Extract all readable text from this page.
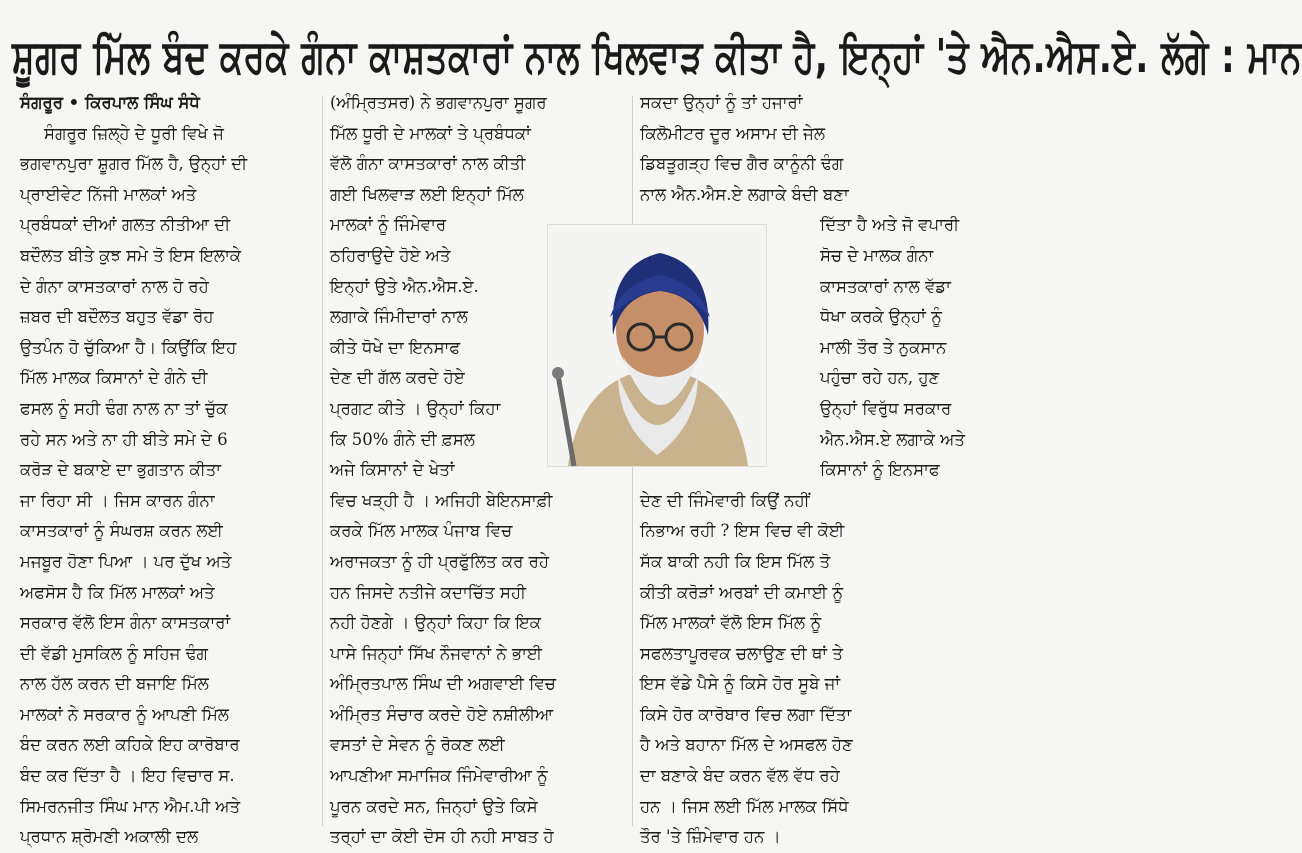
ਸ਼ੂਗਰ ਮਿੱਲ ਬੰਦ ਕਰਕੇ ਗੰਨਾ ਕਾਸ਼ਤਕਾਰਾਂ ਨਾਲ ਖਿਲਵਾੜ ਕੀਤਾ ਹੈ, ਇਨ੍ਹਾਂ 'ਤੇ ਐਨ.ਐਸ.ਏ. ਲੱਗੇ : ਮਾਨ
ਸੰਗਰੂਰ • ਕਿਰਪਾਲ ਸਿੰਘ ਸੰਧੇ
ਸੰਗਰੂਰ ਜ਼ਿਲ੍ਹੇ ਦੇ ਧੂਰੀ ਵਿਖੇ ਜੋ
ਭਗਵਾਨਪੁਰਾ ਸ਼ੂਗਰ ਮਿੱਲ ਹੈ, ਉਨ੍ਹਾਂ ਦੀ
ਪ੍ਰਾਈਵੇਟ ਨਿੱਜੀ ਮਾਲਕਾਂ ਅਤੇ
ਪ੍ਰਬੰਧਕਾਂ ਦੀਆਂ ਗਲਤ ਨੀਤੀਆ ਦੀ
ਬਦੌਲਤ ਬੀਤੇ ਕੁਝ ਸਮੇ ਤੋ ਇਸ ਇਲਾਕੇ
ਦੇ ਗੰਨਾ ਕਾਸਤਕਾਰਾਂ ਨਾਲ ਹੋ ਰਹੇ
ਜ਼ਬਰ ਦੀ ਬਦੌਲਤ ਬਹੁਤ ਵੱਡਾ ਰੋਹ
ਉਤਪੰਨ ਹੋ ਚੁੱਕਿਆ ਹੈ। ਕਿਉਂਕਿ ਇਹ
ਮਿੱਲ ਮਾਲਕ ਕਿਸਾਨਾਂ ਦੇ ਗੰਨੇ ਦੀ
ਫਸਲ ਨੂੰ ਸਹੀ ਢੰਗ ਨਾਲ ਨਾ ਤਾਂ ਚੁੱਕ
ਰਹੇ ਸਨ ਅਤੇ ਨਾ ਹੀ ਬੀਤੇ ਸਮੇ ਦੇ 6
ਕਰੋੜ ਦੇ ਬਕਾਏ ਦਾ ਭੁਗਤਾਨ ਕੀਤਾ
ਜਾ ਰਿਹਾ ਸੀ । ਜਿਸ ਕਾਰਨ ਗੰਨਾ
ਕਾਸਤਕਾਰਾਂ ਨੂੰ ਸੰਘਰਸ਼ ਕਰਨ ਲਈ
ਮਜਬੂਰ ਹੋਣਾ ਪਿਆ । ਪਰ ਦੁੱਖ ਅਤੇ
ਅਫਸੋਸ ਹੈ ਕਿ ਮਿੱਲ ਮਾਲਕਾਂ ਅਤੇ
ਸਰਕਾਰ ਵੱਲੋ ਇਸ ਗੰਨਾ ਕਾਸਤਕਾਰਾਂ
ਦੀ ਵੱਡੀ ਮੁਸਕਿਲ ਨੂੰ ਸਹਿਜ ਢੰਗ
ਨਾਲ ਹੱਲ ਕਰਨ ਦੀ ਬਜਾਇ ਮਿੱਲ
ਮਾਲਕਾਂ ਨੇ ਸਰਕਾਰ ਨੂੰ ਆਪਣੀ ਮਿੱਲ
ਬੰਦ ਕਰਨ ਲਈ ਕਹਿਕੇ ਇਹ ਕਾਰੋਬਾਰ
ਬੰਦ ਕਰ ਦਿੱਤਾ ਹੈ । ਇਹ ਵਿਚਾਰ ਸ.
ਸਿਮਰਨਜੀਤ ਸਿੰਘ ਮਾਨ ਐਮ.ਪੀ ਅਤੇ
ਪ੍ਰਧਾਨ ਸ਼੍ਰੋਮਣੀ ਅਕਾਲੀ ਦਲ
(ਅੰਮ੍ਰਿਤਸਰ) ਨੇ ਭਗਵਾਨਪੁਰਾ ਸੂਗਰ
ਮਿੱਲ ਧੂਰੀ ਦੇ ਮਾਲਕਾਂ ਤੇ ਪ੍ਰਬੰਧਕਾਂ
ਵੱਲੋ ਗੰਨਾ ਕਾਸਤਕਾਰਾਂ ਨਾਲ ਕੀਤੀ
ਗਈ ਖਿਲਵਾੜ ਲਈ ਇਨ੍ਹਾਂ ਮਿੱਲ
ਮਾਲਕਾਂ ਨੂੰ ਜਿੰਮੇਵਾਰ
ਠਹਿਰਾਉਦੇ ਹੋਏ ਅਤੇ
ਇਨ੍ਹਾਂ ਉਤੇ ਐਨ.ਐਸ.ਏ.
ਲਗਾਕੇ ਜਿੰਮੀਦਾਰਾਂ ਨਾਲ
ਕੀਤੇ ਧੋਖੇ ਦਾ ਇਨਸਾਫ
ਦੇਣ ਦੀ ਗੱਲ ਕਰਦੇ ਹੋਏ
ਪ੍ਰਗਟ ਕੀਤੇ । ਉਨ੍ਹਾਂ ਕਿਹਾ
ਕਿ 50% ਗੰਨੇ ਦੀ ਫ਼ਸਲ
ਅਜੇ ਕਿਸਾਨਾਂ ਦੇ ਖੇਤਾਂ
ਵਿਚ ਖੜ੍ਹੀ ਹੈ । ਅਜਿਹੀ ਬੇਇਨਸਾਫ਼ੀ
ਕਰਕੇ ਮਿੱਲ ਮਾਲਕ ਪੰਜਾਬ ਵਿਚ
ਅਰਾਜਕਤਾ ਨੂੰ ਹੀ ਪ੍ਰਫੁੱਲਿਤ ਕਰ ਰਹੇ
ਹਨ ਜਿਸਦੇ ਨਤੀਜੇ ਕਦਾਚਿੱਤ ਸਹੀ
ਨਹੀ ਹੋਣਗੇ । ਉਨ੍ਹਾਂ ਕਿਹਾ ਕਿ ਇਕ
ਪਾਸੇ ਜਿਨ੍ਹਾਂ ਸਿੱਖ ਨੌਜਵਾਨਾਂ ਨੇ ਭਾਈ
ਅੰਮ੍ਰਿਤਪਾਲ ਸਿੰਘ ਦੀ ਅਗਵਾਈ ਵਿਚ
ਅੰਮ੍ਰਿਤ ਸੰਚਾਰ ਕਰਦੇ ਹੋਏ ਨਸ਼ੀਲੀਆ
ਵਸਤਾਂ ਦੇ ਸੇਵਨ ਨੂੰ ਰੋਕਣ ਲਈ
ਆਪਣੀਆ ਸਮਾਜਿਕ ਜਿੰਮੇਵਾਰੀਆ ਨੂੰ
ਪੂਰਨ ਕਰਦੇ ਸਨ, ਜਿਨ੍ਹਾਂ ਉਤੇ ਕਿਸੇ
ਤਰ੍ਹਾਂ ਦਾ ਕੋਈ ਦੋਸ ਹੀ ਨਹੀ ਸਾਬਤ ਹੋ
ਸਕਦਾ ਉਨ੍ਹਾਂ ਨੂੰ ਤਾਂ ਹਜਾਰਾਂ
ਕਿਲੋਮੀਟਰ ਦੂਰ ਅਸਾਮ ਦੀ ਜੇਲ
ਡਿਬੜੂਗੜ੍ਹ ਵਿਚ ਗੈਰ ਕਾਨੂੰਨੀ ਢੰਗ
ਨਾਲ ਐਨ.ਐਸ.ਏ ਲਗਾਕੇ ਬੰਦੀ ਬਣਾ
ਦਿੱਤਾ ਹੈ ਅਤੇ ਜੋ ਵਪਾਰੀ
ਸੋਚ ਦੇ ਮਾਲਕ ਗੰਨਾ
ਕਾਸਤਕਾਰਾਂ ਨਾਲ ਵੱਡਾ
ਧੋਖਾ ਕਰਕੇ ਉਨ੍ਹਾਂ ਨੂੰ
ਮਾਲੀ ਤੌਰ ਤੇ ਨੁਕਸਾਨ
ਪਹੁੰਚਾ ਰਹੇ ਹਨ, ਹੁਣ
ਉਨ੍ਹਾਂ ਵਿਰੁੱਧ ਸਰਕਾਰ
ਐਨ.ਐਸ.ਏ ਲਗਾਕੇ ਅਤੇ
ਕਿਸਾਨਾਂ ਨੂੰ ਇਨਸਾਫ
ਦੇਣ ਦੀ ਜਿੰਮੇਵਾਰੀ ਕਿਉਂ ਨਹੀਂ
ਨਿਭਾਅ ਰਹੀ ? ਇਸ ਵਿਚ ਵੀ ਕੋਈ
ਸੱਕ ਬਾਕੀ ਨਹੀ ਕਿ ਇਸ ਮਿੱਲ ਤੋ
ਕੀਤੀ ਕਰੋੜਾਂ ਅਰਬਾਂ ਦੀ ਕਮਾਈ ਨੂੰ
ਮਿੱਲ ਮਾਲਕਾਂ ਵੱਲੋ ਇਸ ਮਿੱਲ ਨੂੰ
ਸਫਲਤਾਪੂਰਵਕ ਚਲਾਉਣ ਦੀ ਥਾਂ ਤੇ
ਇਸ ਵੱਡੇ ਪੈਸੇ ਨੂੰ ਕਿਸੇ ਹੋਰ ਸੂਬੇ ਜਾਂ
ਕਿਸੇ ਹੋਰ ਕਾਰੋਬਾਰ ਵਿਚ ਲਗਾ ਦਿੱਤਾ
ਹੈ ਅਤੇ ਬਹਾਨਾ ਮਿੱਲ ਦੇ ਅਸਫਲ ਹੋਣ
ਦਾ ਬਣਾਕੇ ਬੰਦ ਕਰਨ ਵੱਲ ਵੱਧ ਰਹੇ
ਹਨ । ਜਿਸ ਲਈ ਮਿੱਲ ਮਾਲਕ ਸਿੱਧੇ
ਤੌਰ 'ਤੇ ਜ਼ਿੰਮੇਵਾਰ ਹਨ ।
